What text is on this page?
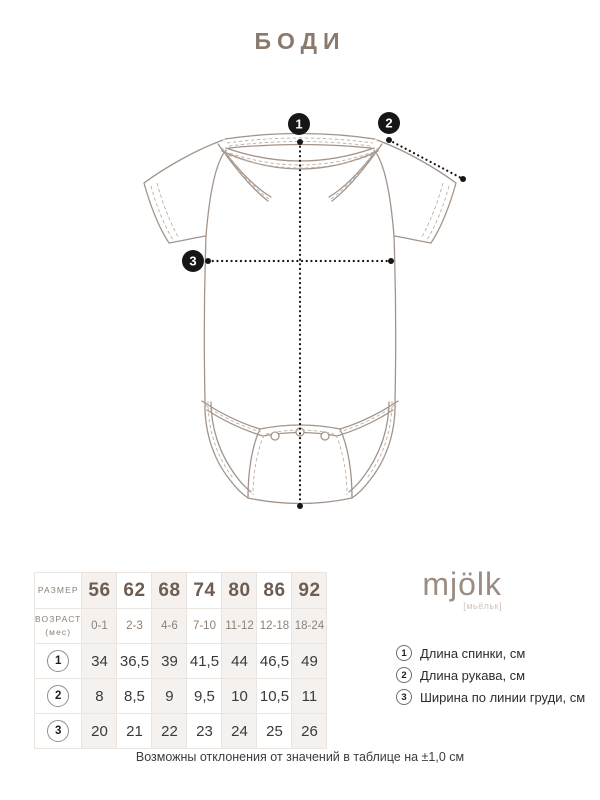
БОДИ
1	2
3
РАЗМЕР	56	62	68	74	80	86	92
ВОЗРАСТ
(мес)	0-1	2-3	4-6	7-10	11-12	12-18	18-24
1	34	36,5	39	41,5	44	46,5	49
2	8	8,5	9	9,5	10	10,5	11
3	20	21	22	23	24	25	26
mjölk
[мьёльк]
1	Длина спинки, см
2	Длина рукава, см
3	Ширина по линии груди, см
Возможны отклонения от значений в таблице на ±1,0 см
